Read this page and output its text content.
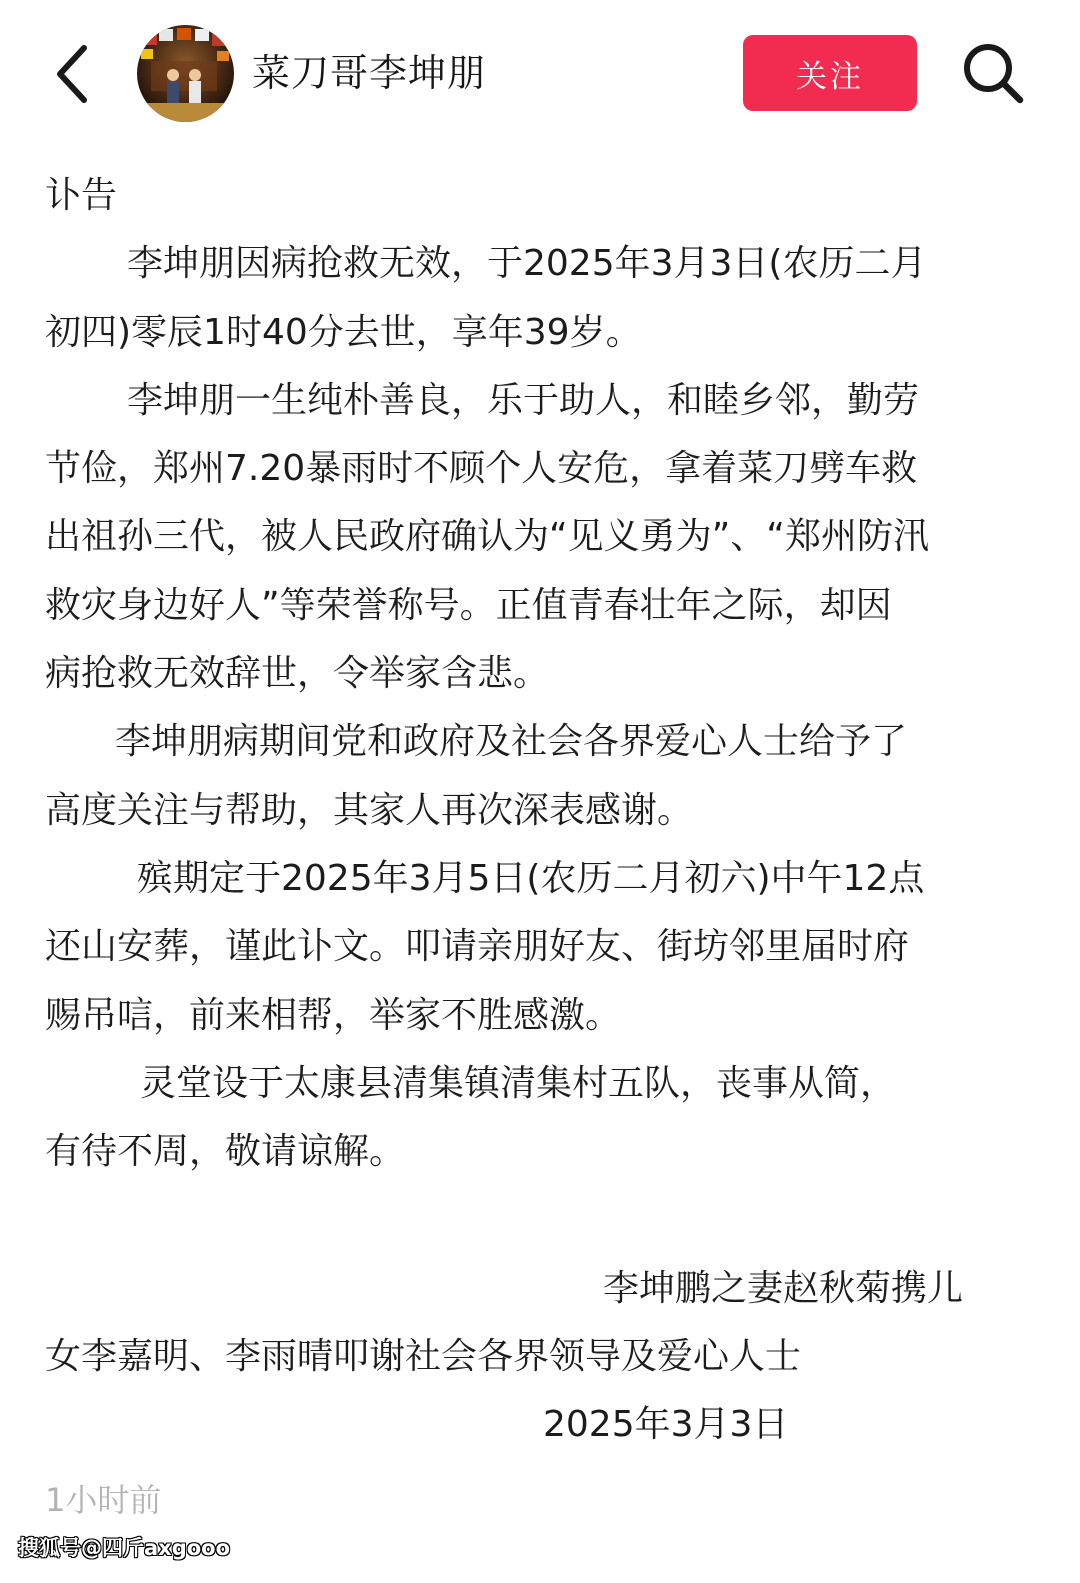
菜刀哥李坤朋	关注
讣告
李坤朋因病抢救无效，于2025年3月3日(农历二月
初四)零辰1时40分去世，享年39岁。
李坤朋一生纯朴善良，乐于助人，和睦乡邻，勤劳
节俭，郑州7.20暴雨时不顾个人安危，拿着菜刀劈车救
出祖孙三代，被人民政府确认为“见义勇为”、“郑州防汛
救灾身边好人”等荣誉称号。正值青春壮年之际，却因
病抢救无效辞世，令举家含悲。
李坤朋病期间党和政府及社会各界爱心人士给予了
高度关注与帮助，其家人再次深表感谢。
殡期定于2025年3月5日(农历二月初六)中午12点
还山安葬，谨此讣文。叩请亲朋好友、街坊邻里届时府
赐吊唁，前来相帮，举家不胜感激。
灵堂设于太康县清集镇清集村五队，丧事从简，
有待不周，敬请谅解。
李坤鹏之妻赵秋菊携儿
女李嘉明、李雨晴叩谢社会各界领导及爱心人士
2025年3月3日
1小时前
搜狐号@四斤axgooo
